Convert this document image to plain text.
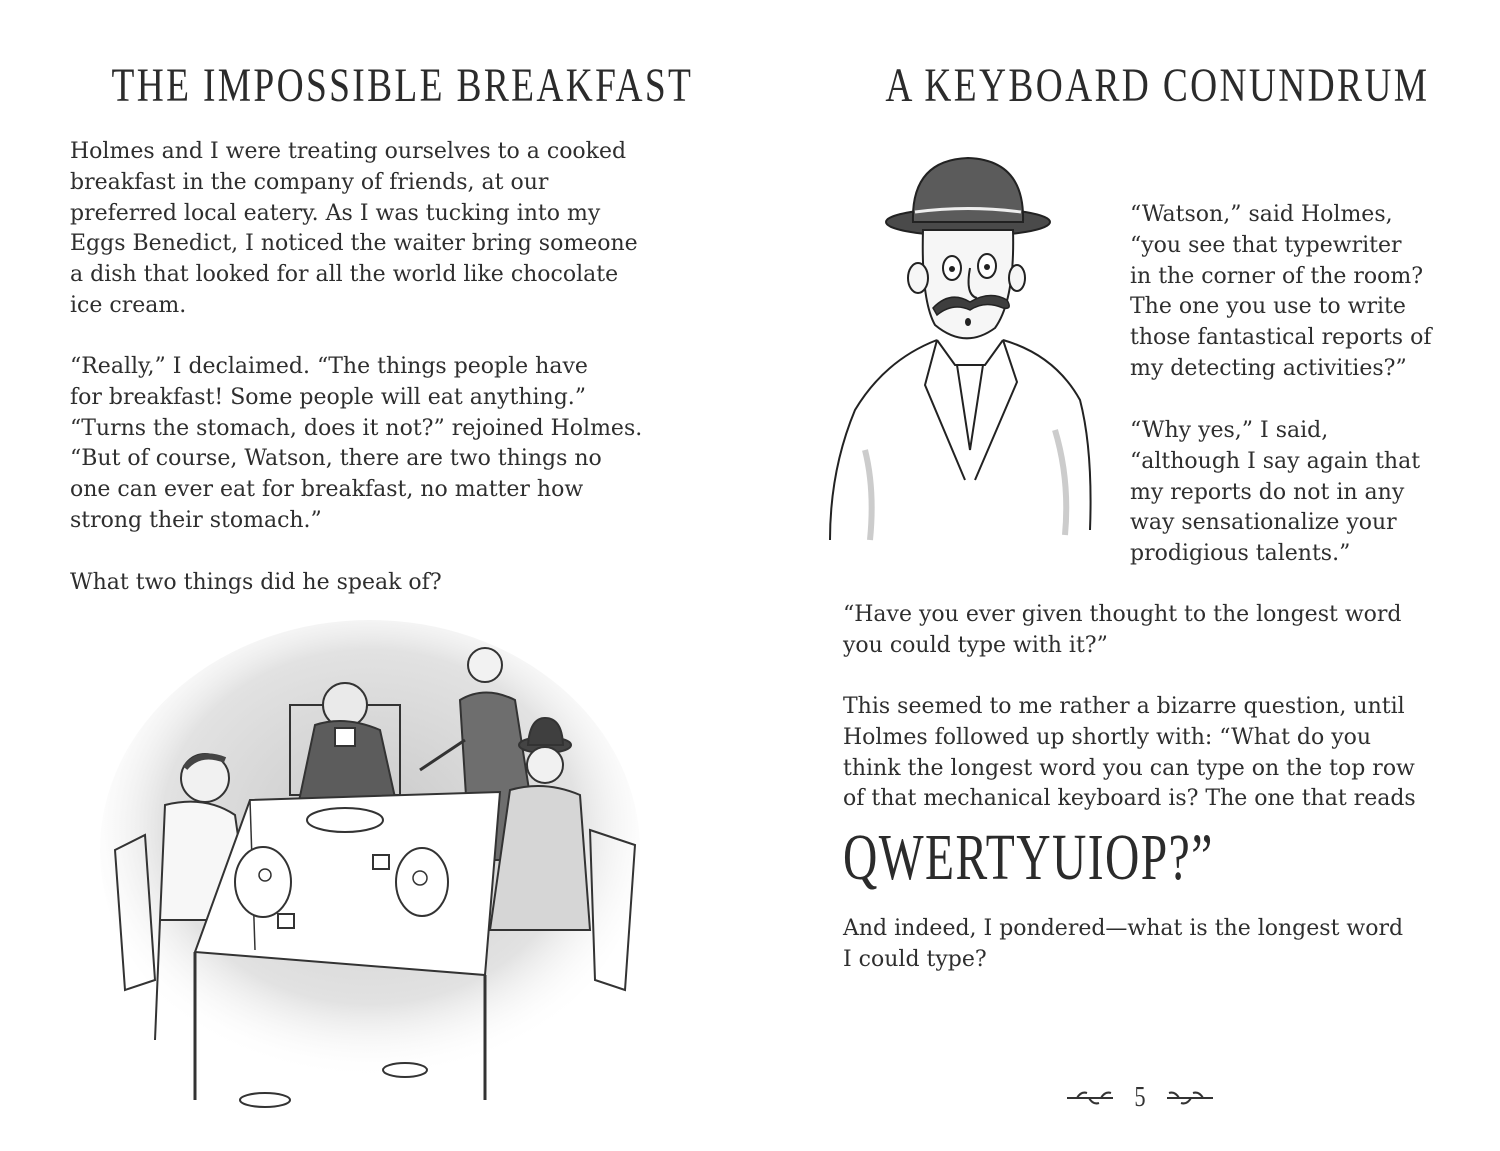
THE IMPOSSIBLE BREAKFAST

Holmes and I were treating ourselves to a cooked
breakfast in the company of friends, at our
preferred local eatery. As I was tucking into my
Eggs Benedict, I noticed the waiter bring someone
a dish that looked for all the world like chocolate
ice cream.

“Really,” I declaimed. “The things people have
for breakfast! Some people will eat anything.”
“Turns the stomach, does it not?” rejoined Holmes.
“But of course, Watson, there are two things no
one can ever eat for breakfast, no matter how
strong their stomach.”

What two things did he speak of?

A KEYBOARD CONUNDRUM

“Watson,” said Holmes,
“you see that typewriter
in the corner of the room?
The one you use to write
those fantastical reports of
my detecting activities?”

“Why yes,” I said,
“although I say again that
my reports do not in any
way sensationalize your
prodigious talents.”

“Have you ever given thought to the longest word
you could type with it?”

This seemed to me rather a bizarre question, until
Holmes followed up shortly with: “What do you
think the longest word you can type on the top row
of that mechanical keyboard is? The one that reads

QWERTYUIOP?”

And indeed, I pondered—what is the longest word
I could type?

5
